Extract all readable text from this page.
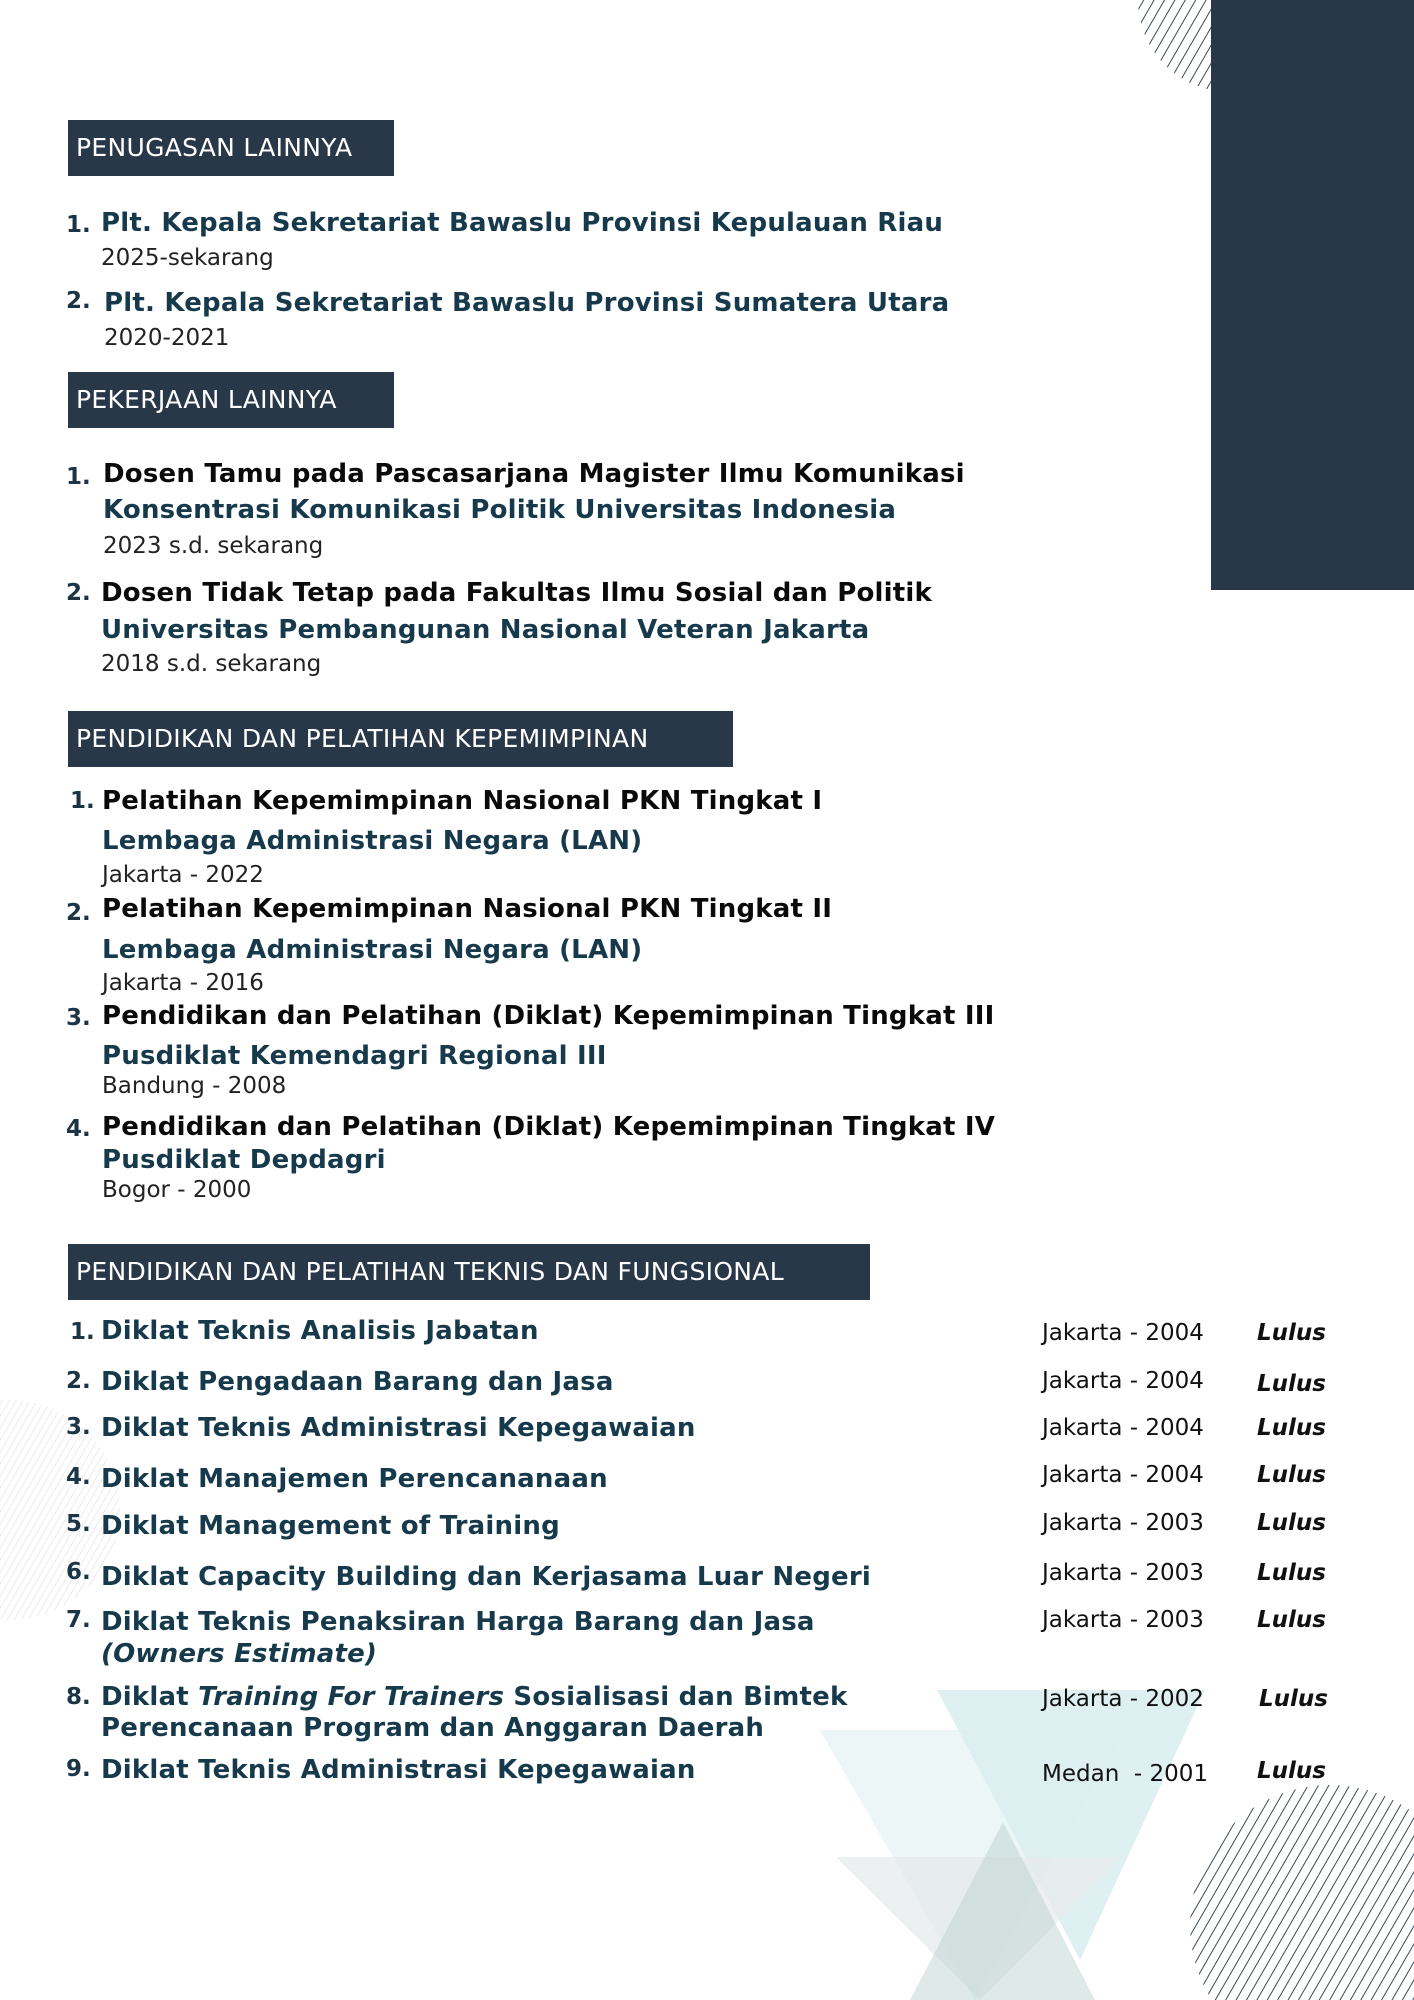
PENUGASAN LAINNYA
1. Plt. Kepala Sekretariat Bawaslu Provinsi Kepulauan Riau
2025-sekarang
2. Plt. Kepala Sekretariat Bawaslu Provinsi Sumatera Utara
2020-2021
PEKERJAAN LAINNYA
1. Dosen Tamu pada Pascasarjana Magister Ilmu Komunikasi
Konsentrasi Komunikasi Politik Universitas Indonesia
2023 s.d. sekarang
2. Dosen Tidak Tetap pada Fakultas Ilmu Sosial dan Politik
Universitas Pembangunan Nasional Veteran Jakarta
2018 s.d. sekarang
PENDIDIKAN DAN PELATIHAN KEPEMIMPINAN
1. Pelatihan Kepemimpinan Nasional PKN Tingkat I
Lembaga Administrasi Negara (LAN)
Jakarta - 2022
2. Pelatihan Kepemimpinan Nasional PKN Tingkat II
Lembaga Administrasi Negara (LAN)
Jakarta - 2016
3. Pendidikan dan Pelatihan (Diklat) Kepemimpinan Tingkat III
Pusdiklat Kemendagri Regional III
Bandung - 2008
4. Pendidikan dan Pelatihan (Diklat) Kepemimpinan Tingkat IV
Pusdiklat Depdagri
Bogor - 2000
PENDIDIKAN DAN PELATIHAN TEKNIS DAN FUNGSIONAL
1. Diklat Teknis Analisis Jabatan	Jakarta - 2004 Lulus
2. Diklat Pengadaan Barang dan Jasa	Jakarta - 2004 Lulus
3. Diklat Teknis Administrasi Kepegawaian	Jakarta - 2004 Lulus
4. Diklat Manajemen Perencananaan	Jakarta - 2004 Lulus
5. Diklat Management of Training	Jakarta - 2003 Lulus
6. Diklat Capacity Building dan Kerjasama Luar Negeri	Jakarta - 2003 Lulus
7. Diklat Teknis Penaksiran Harga Barang dan Jasa
(Owners Estimate)
Jakarta - 2003 Lulus
8. Diklat Training For Trainers Sosialisasi dan Bimtek
Perencanaan Program dan Anggaran Daerah
Jakarta - 2002 Lulus
9. Diklat Teknis Administrasi Kepegawaian	Medan  - 2001 Lulus
